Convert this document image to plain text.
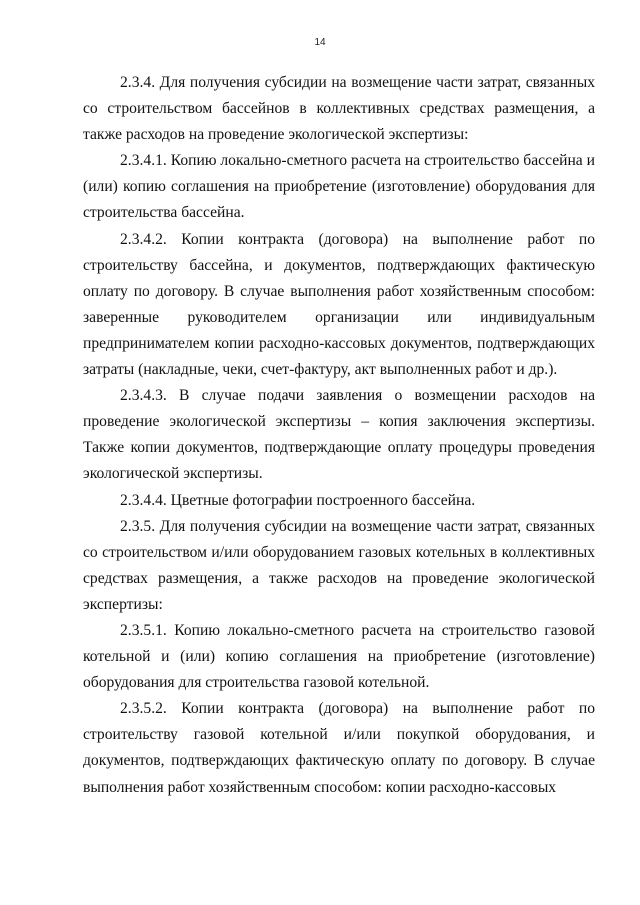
14

2.3.4. Для получения субсидии на возмещение части затрат, связанных со строительством бассейнов в коллективных средствах размещения, а также расходов на проведение экологической экспертизы:

2.3.4.1. Копию локально-сметного расчета на строительство бассейна и (или) копию соглашения на приобретение (изготовление) оборудования для строительства бассейна.

2.3.4.2. Копии контракта (договора) на выполнение работ по строительству бассейна, и документов, подтверждающих фактическую оплату по договору. В случае выполнения работ хозяйственным способом: заверенные руководителем организации или индивидуальным предпринимателем копии расходно-кассовых документов, подтверждающих затраты (накладные, чеки, счет-фактуру, акт выполненных работ и др.).

2.3.4.3. В случае подачи заявления о возмещении расходов на проведение экологической экспертизы – копия заключения экспертизы. Также копии документов, подтверждающие оплату процедуры проведения экологической экспертизы.

2.3.4.4. Цветные фотографии построенного бассейна.

2.3.5. Для получения субсидии на возмещение части затрат, связанных со строительством и/или оборудованием газовых котельных в коллективных средствах размещения, а также расходов на проведение экологической экспертизы:

2.3.5.1. Копию локально-сметного расчета на строительство газовой котельной и (или) копию соглашения на приобретение (изготовление) оборудования для строительства газовой котельной.

2.3.5.2. Копии контракта (договора) на выполнение работ по строительству газовой котельной и/или покупкой оборудования, и документов, подтверждающих фактическую оплату по договору. В случае выполнения работ хозяйственным способом: копии расходно-кассовых
